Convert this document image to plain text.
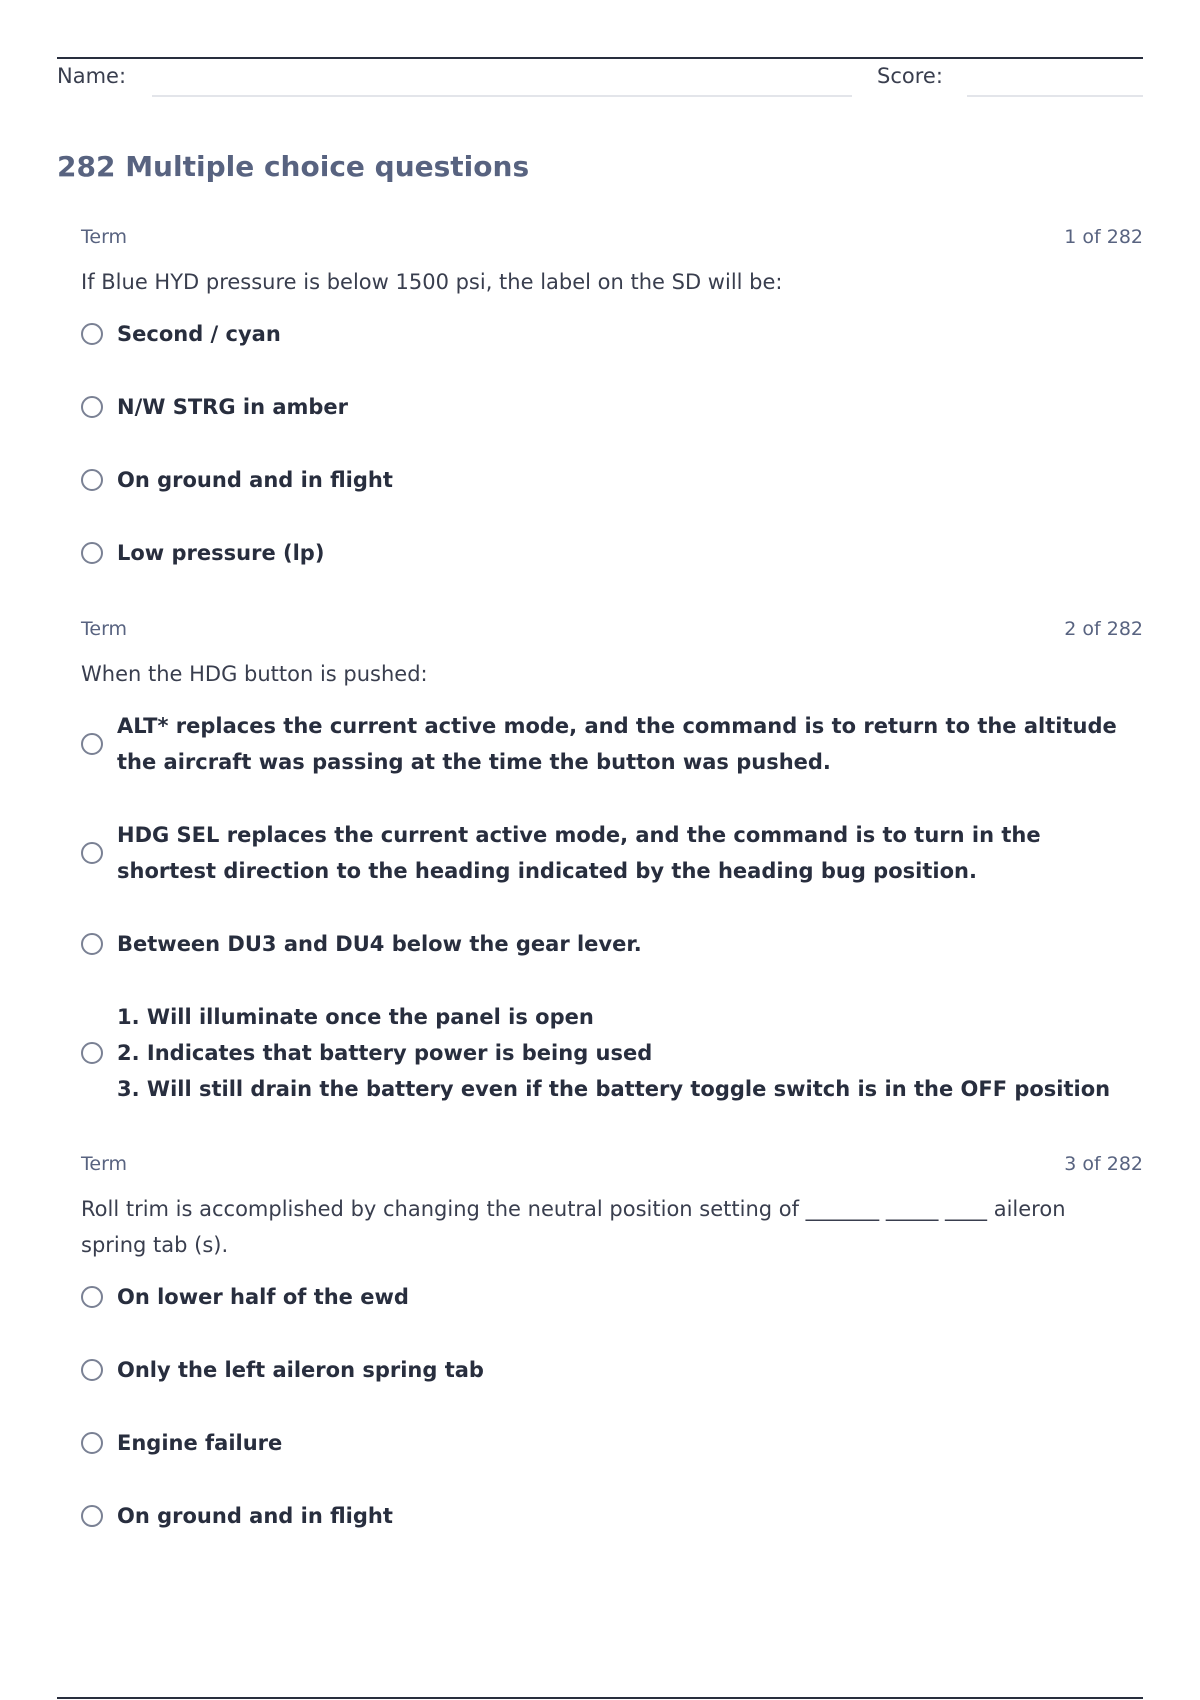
Name:	Score:
282 Multiple choice questions
Term	1 of 282
If Blue HYD pressure is below 1500 psi, the label on the SD will be:
Second / cyan
N/W STRG in amber
On ground and in flight
Low pressure (lp)
Term	2 of 282
When the HDG button is pushed:
ALT* replaces the current active mode, and the command is to return to the altitude the aircraft was passing at the time the button was pushed.
HDG SEL replaces the current active mode, and the command is to turn in the shortest direction to the heading indicated by the heading bug position.
Between DU3 and DU4 below the gear lever.
1. Will illuminate once the panel is open
2. Indicates that battery power is being used
3. Will still drain the battery even if the battery toggle switch is in the OFF position
Term	3 of 282
Roll trim is accomplished by changing the neutral position setting of _______ _____ ____ aileron spring tab (s).
On lower half of the ewd
Only the left aileron spring tab
Engine failure
On ground and in flight
